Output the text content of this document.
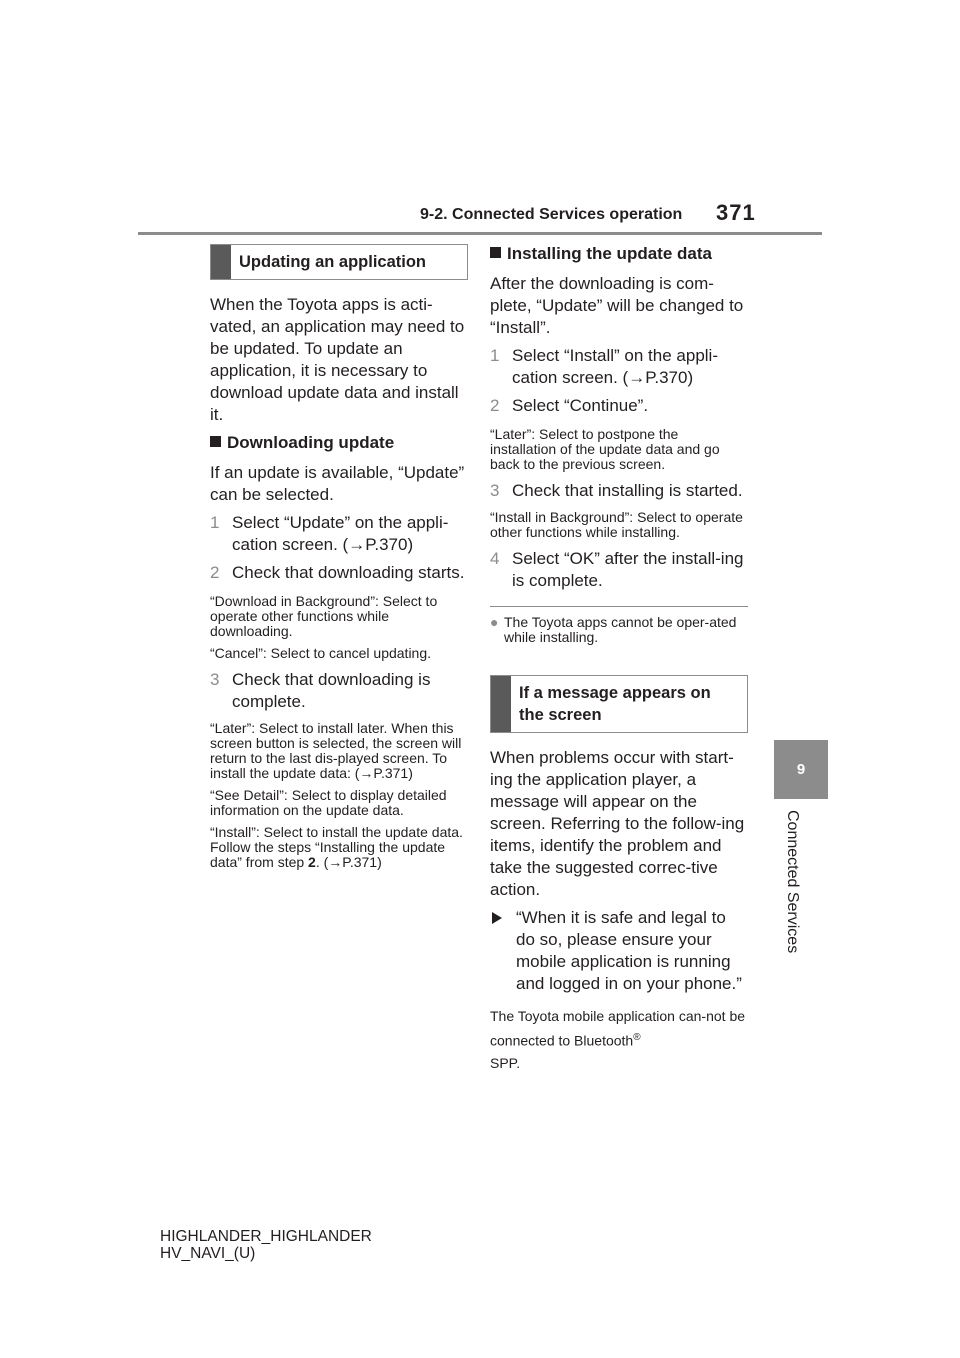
9-2. Connected Services operation 371
9
Connected Services
Updating an application

When the Toyota apps is acti-vated, an application may need to be updated. To update an application, it is necessary to download update data and install it.

Downloading update

If an update is available, “Update” can be selected.

1 Select “Update” on the appli-cation screen. (→P.370)
2 Check that downloading starts.

“Download in Background”: Select to operate other functions while downloading.

“Cancel”: Select to cancel updating.

3 Check that downloading is complete.

“Later”: Select to install later. When this screen button is selected, the screen will return to the last dis-played screen. To install the update data: (→P.371)

“See Detail”: Select to display detailed information on the update data.

“Install”: Select to install the update data. Follow the steps “Installing the update data” from step 2. (→P.371)

Installing the update data

After the downloading is com-plete, “Update” will be changed to “Install”.

1 Select “Install” on the appli-cation screen. (→P.370)
2 Select “Continue”.

“Later”: Select to postpone the installation of the update data and go back to the previous screen.

3 Check that installing is started.

“Install in Background”: Select to operate other functions while installing.

4 Select “OK” after the install-ing is complete.
● The Toyota apps cannot be oper-ated while installing.
If a message appears on the screen

When problems occur with start-ing the application player, a message will appear on the screen. Referring to the follow-ing items, identify the problem and take the suggested correc-tive action.

“When it is safe and legal to do so, please ensure your mobile application is running and logged in on your phone.”

The Toyota mobile application can-not be connected to Bluetooth®
SPP.

HIGHLANDER_HIGHLANDER
HV_NAVI_(U)
